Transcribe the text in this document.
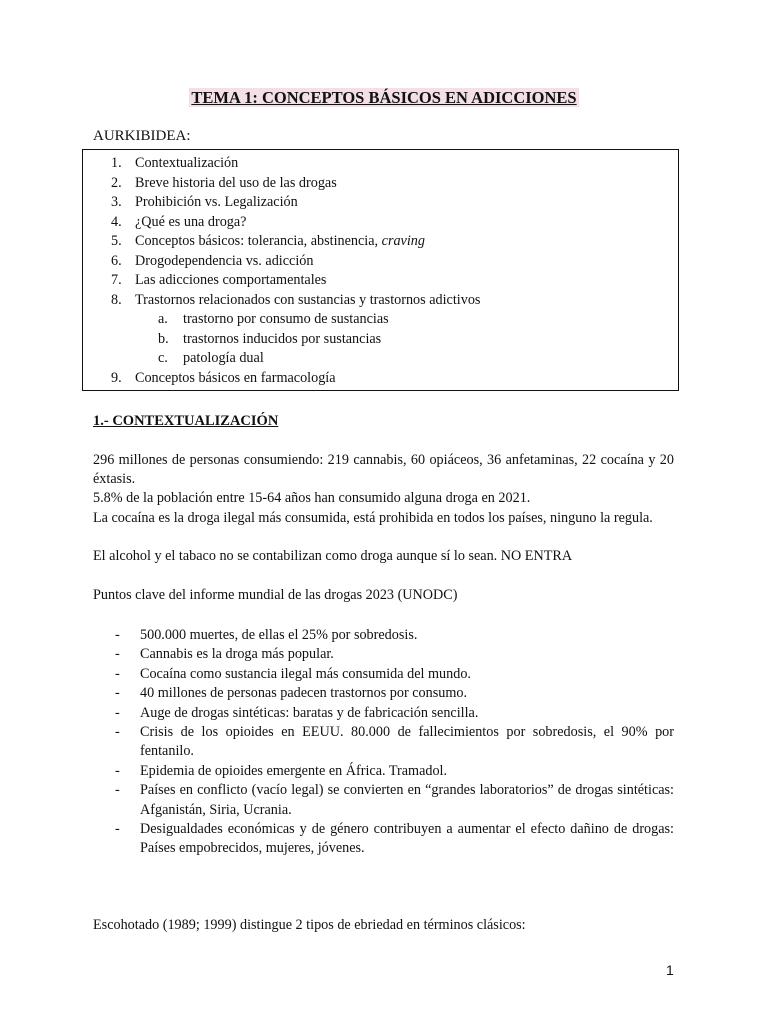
TEMA 1: CONCEPTOS BÁSICOS EN ADICCIONES
AURKIBIDEA:
1. Contextualización
2. Breve historia del uso de las drogas
3. Prohibición vs. Legalización
4. ¿Qué es una droga?
5. Conceptos básicos: tolerancia, abstinencia, craving
6. Drogodependencia vs. adicción
7. Las adicciones comportamentales
8. Trastornos relacionados con sustancias y trastornos adictivos
a. trastorno por consumo de sustancias
b. trastornos inducidos por sustancias
c. patología dual
9. Conceptos básicos en farmacología
1.- CONTEXTUALIZACIÓN
296 millones de personas consumiendo: 219 cannabis, 60 opiáceos, 36 anfetaminas, 22 cocaína y 20 éxtasis.
5.8% de la población entre 15-64 años han consumido alguna droga en 2021.
La cocaína es la droga ilegal más consumida, está prohibida en todos los países, ninguno la regula.
El alcohol y el tabaco no se contabilizan como droga aunque sí lo sean. NO ENTRA
Puntos clave del informe mundial de las drogas 2023 (UNODC)
- 500.000 muertes, de ellas el 25% por sobredosis.
- Cannabis es la droga más popular.
- Cocaína como sustancia ilegal más consumida del mundo.
- 40 millones de personas padecen trastornos por consumo.
- Auge de drogas sintéticas: baratas y de fabricación sencilla.
- Crisis de los opioides en EEUU. 80.000 de fallecimientos por sobredosis, el 90% por fentanilo.
- Epidemia de opioides emergente en África. Tramadol.
- Países en conflicto (vacío legal) se convierten en “grandes laboratorios” de drogas sintéticas: Afganistán, Siria, Ucrania.
- Desigualdades económicas y de género contribuyen a aumentar el efecto dañino de drogas: Países empobrecidos, mujeres, jóvenes.
Escohotado (1989; 1999) distingue 2 tipos de ebriedad en términos clásicos:
1
